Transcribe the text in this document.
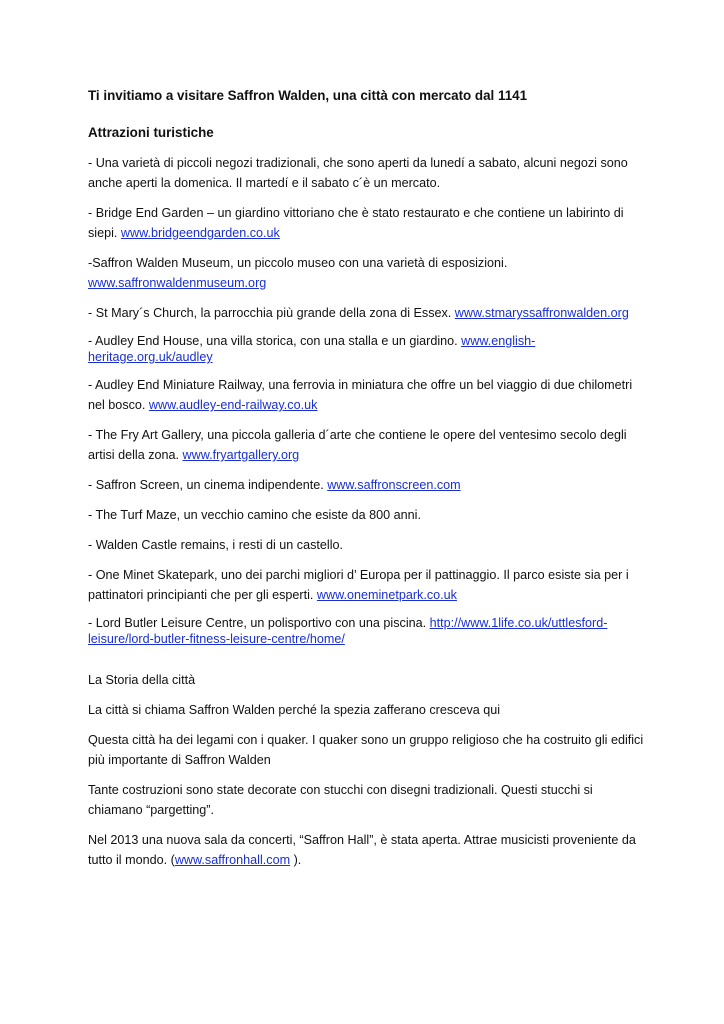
Ti invitiamo a visitare Saffron Walden, una città con mercato dal 1141
Attrazioni turistiche

- Una varietà di piccoli negozi tradizionali, che sono aperti da lunedí a sabato, alcuni negozi sono anche aperti la domenica. Il martedí e il sabato c´è un mercato.

- Bridge End Garden – un giardino vittoriano che è stato restaurato e che contiene un labirinto di siepi. www.bridgeendgarden.co.uk

-Saffron Walden Museum, un piccolo museo con una varietà di esposizioni. www.saffronwaldenmuseum.org

- St Mary´s Church, la parrocchia più grande della zona di Essex. www.stmaryssaffronwalden.org

- Audley End House, una villa storica, con una stalla e un giardino. www.english-heritage.org.uk/audley

- Audley End Miniature Railway, una ferrovia in miniatura che offre un bel viaggio di due chilometri nel bosco. www.audley-end-railway.co.uk

- The Fry Art Gallery, una piccola galleria d´arte che contiene le opere del ventesimo secolo degli artisi della zona. www.fryartgallery.org

- Saffron Screen, un cinema indipendente. www.saffronscreen.com

- The Turf Maze, un vecchio camino che esiste da 800 anni.

- Walden Castle remains, i resti di un castello.

- One Minet Skatepark, uno dei parchi migliori d’ Europa per il pattinaggio. Il parco esiste sia per i pattinatori principianti che per gli esperti. www.oneminetpark.co.uk

- Lord Butler Leisure Centre, un polisportivo con una piscina. http://www.1life.co.uk/uttlesford-leisure/lord-butler-fitness-leisure-centre/home/

La Storia della città

La città si chiama Saffron Walden perché la spezia zafferano cresceva qui

Questa città ha dei legami con i quaker. I quaker sono un gruppo religioso che ha costruito gli edifici più importante di Saffron Walden

Tante costruzioni sono state decorate con stucchi con disegni tradizionali. Questi stucchi si chiamano “pargetting”.

Nel 2013 una nuova sala da concerti, “Saffron Hall”, è stata aperta. Attrae musicisti proveniente da tutto il mondo. (www.saffronhall.com ).
